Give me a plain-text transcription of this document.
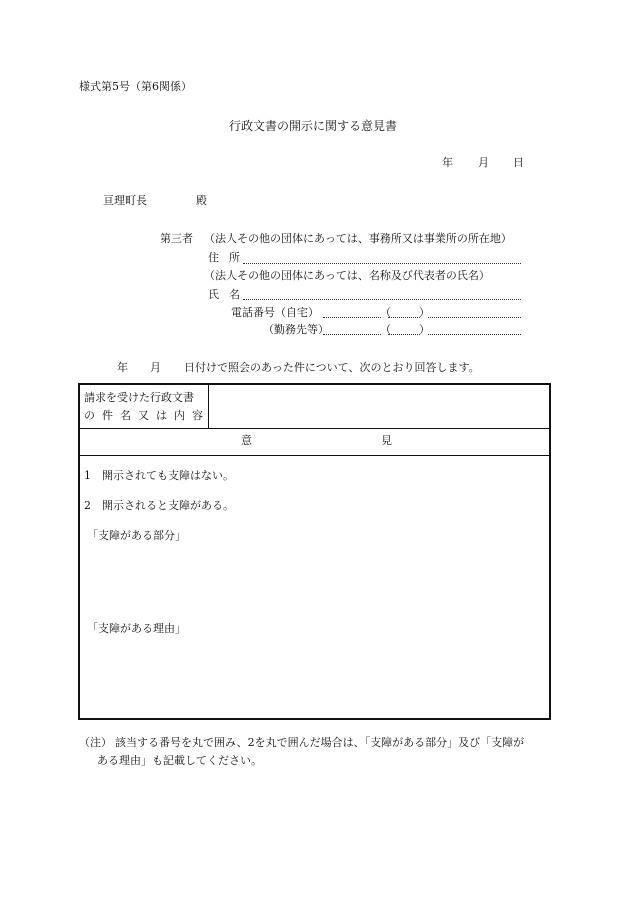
様式第5号（第6関係）
行政文書の開示に関する意見書
年 月 日
亘理町長	殿
第三者 （法人その他の団体にあっては、事務所又は事業所の所在地）
住 所
（法人その他の団体にあっては、名称及び代表者の氏名）
氏 名
電話番号（自宅）	（	）
（勤務先等）	（	）
年 月 日付けで照会のあった件について、次のとおり回答します。
請求を受けた行政文書
の 件 名 又 は 内 容
意	見
1　開示されても支障はない。
2　開示されると支障がある。
「支障がある部分」
「支障がある理由」
（注） 該当する番号を丸で囲み、2を丸で囲んだ場合は、「支障がある部分」及び「支障が
ある理由」も記載してください。
